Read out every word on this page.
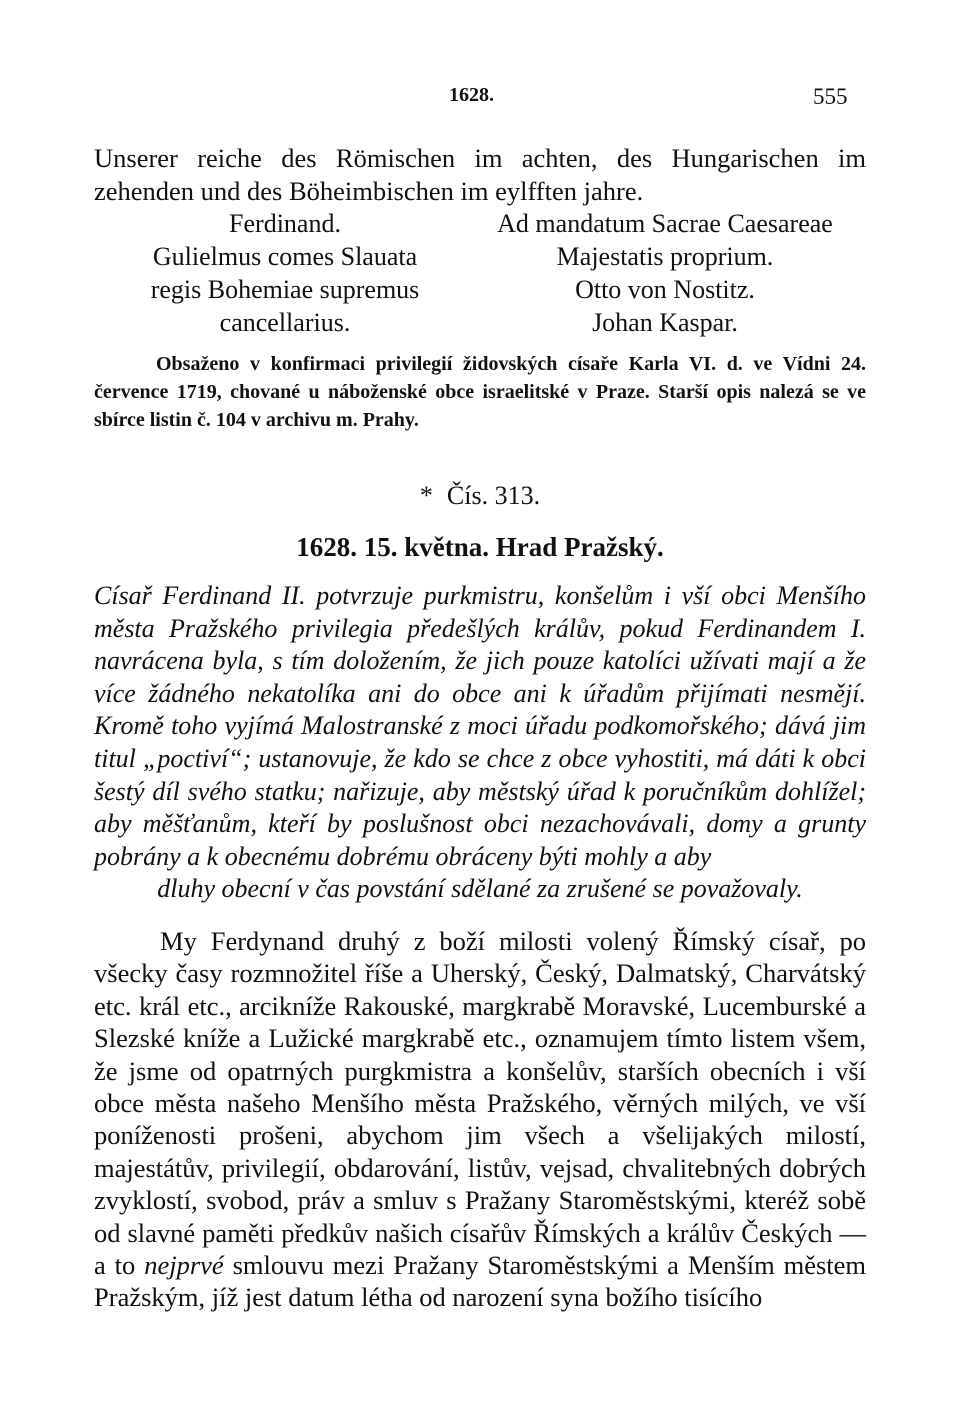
1628.	555

Unserer reiche des Römischen im achten, des Hungarischen im zehenden und des Böheimbischen im eylfften jahre.

Ferdinand.
Gulielmus comes Slauata
regis Bohemiae supremus
cancellarius.
Ad mandatum Sacrae Caesareae
Majestatis proprium.
Otto von Nostitz.
Johan Kaspar.

Obsaženo v konfirmaci privilegií židovských císaře Karla VI. d. ve Vídni 24. července 1719, chované u náboženské obce israelitské v Praze. Starší opis nalezá se ve sbírce listin č. 104 v archivu m. Prahy.

* Čís. 313.
1628. 15. května. Hrad Pražský.

Císař Ferdinand II. potvrzuje purkmistru, konšelům i vší obci Menšího města Pražského privilegia předešlých králův, pokud Ferdinandem I. navrácena byla, s tím doložením, že jich pouze katolíci užívati mají a že více žádného nekatolíka ani do obce ani k úřadům přijímati nesmějí. Kromě toho vyjímá Malostranské z moci úřadu podkomořského; dává jim titul „poctiví“; ustanovuje, že kdo se chce z obce vyhostiti, má dáti k obci šestý díl svého statku; nařizuje, aby městský úřad k poručníkům dohlížel; aby měšťanům, kteří by poslušnost obci nezachovávali, domy a grunty pobrány a k obecnému dobrému obráceny býti mohly a aby

dluhy obecní v čas povstání sdělané za zrušené se považovaly.

My Ferdynand druhý z boží milosti volený Římský císař, po všecky časy rozmnožitel říše a Uherský, Český, Dalmatský, Charvátský etc. král etc., arcikníže Rakouské, margkrabě Moravské, Lucemburské a Slezské kníže a Lužické margkrabě etc., oznamujem tímto listem všem, že jsme od opatrných purgkmistra a konšelův, starších obecních i vší obce města našeho Menšího města Pražského, věrných milých, ve vší poníženosti prošeni, abychom jim všech a všelijakých milostí, majestátův, privilegií, obdarování, listův, vejsad, chvalitebných dobrých zvyklostí, svobod, práv a smluv s Pražany Staroměstskými, kteréž sobě od slavné paměti předkův našich císařův Římských a králův Českých — a to nejprvé smlouvu mezi Pražany Staroměstskými a Menším městem Pražským, jíž jest datum létha od narození syna božího tisícího
